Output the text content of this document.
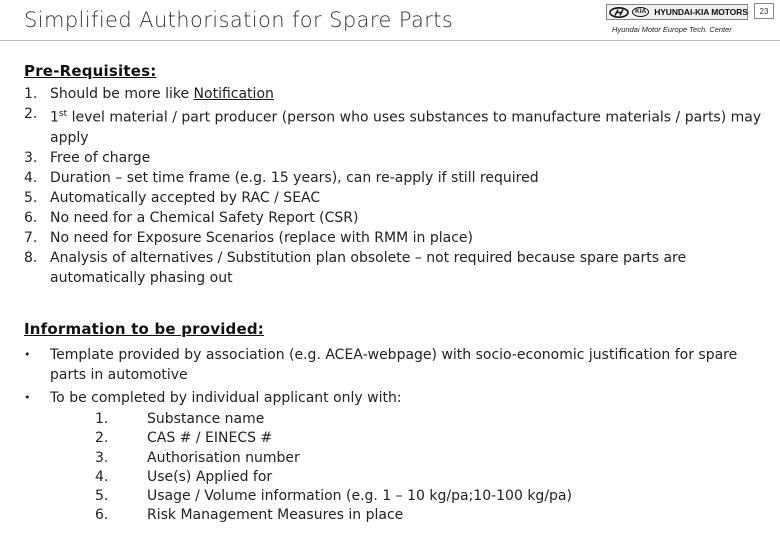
Simplified Authorisation for Spare Parts	KIA HYUNDAI-KIA MOTORS	23
Hyundai Motor Europe Tech. Center
Pre-Requisites:
1. Should be more like Notification
2. 1st level material / part producer (person who uses substances to manufacture materials / parts) may apply
3. Free of charge
4. Duration – set time frame (e.g. 15 years), can re-apply if still required
5. Automatically accepted by RAC / SEAC
6. No need for a Chemical Safety Report (CSR)
7. No need for Exposure Scenarios (replace with RMM in place)
8. Analysis of alternatives / Substitution plan obsolete – not required because spare parts are automatically phasing out
Information to be provided:
•	Template provided by association (e.g. ACEA-webpage) with socio-economic justification for spare parts in automotive
•	To be completed by individual applicant only with:
1.	Substance name
2.	CAS # / EINECS #
3.	Authorisation number
4.	Use(s) Applied for
5.	Usage / Volume information (e.g. 1 – 10 kg/pa;10-100 kg/pa)
6.	Risk Management Measures in place
